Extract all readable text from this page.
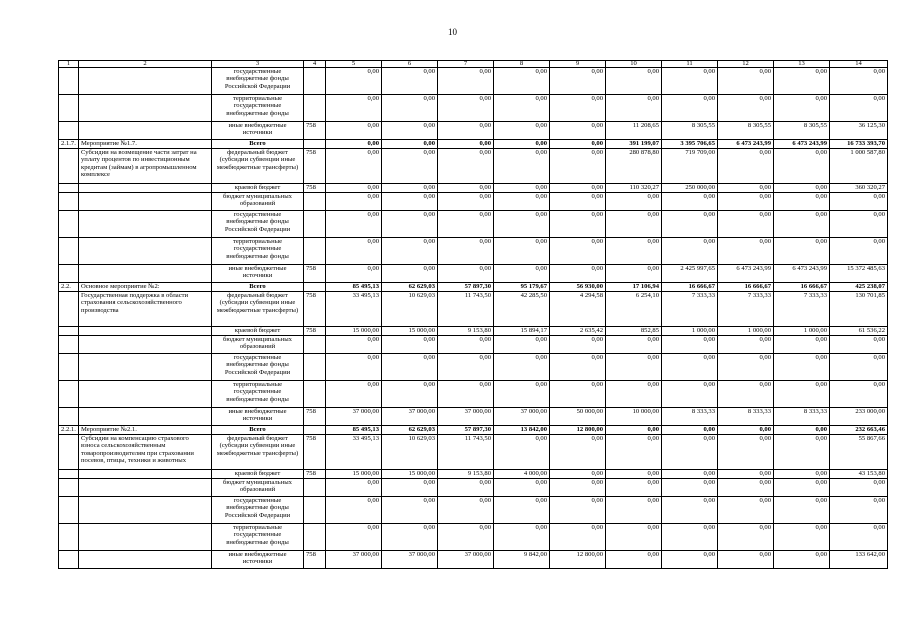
10
1	2	3	4	5	6	7	8	9	10	11	12	13	14
		государственные внебюджетные фонды Российской Федерации		0,00	0,00	0,00	0,00	0,00	0,00	0,00	0,00	0,00	0,00
		территориальные государственные внебюджетные фонды		0,00	0,00	0,00	0,00	0,00	0,00	0,00	0,00	0,00	0,00
		иные внебюджетные источники	758	0,00	0,00	0,00	0,00	0,00	11 208,65	8 305,55	8 305,55	8 305,55	36 125,30
2.1.7.	Мероприятие №1.7.	Всего		0,00	0,00	0,00	0,00	0,00	391 199,07	3 395 706,65	6 473 243,99	6 473 243,99	16 733 393,70
	Субсидии на возмещение части затрат на уплату процентов по инвестиционным кредитам (займам) в агропромышленном комплексе	федеральный бюджет (субсидии субвенции иные межбюджетные трансферты)	758	0,00	0,00	0,00	0,00	0,00	280 878,80	719 709,00	0,00	0,00	1 000 587,80
		краевой бюджет	758	0,00	0,00	0,00	0,00	0,00	110 320,27	250 000,00	0,00	0,00	360 320,27
		бюджет муниципальных образований		0,00	0,00	0,00	0,00	0,00	0,00	0,00	0,00	0,00	0,00
		государственные внебюджетные фонды Российской Федерации		0,00	0,00	0,00	0,00	0,00	0,00	0,00	0,00	0,00	0,00
		территориальные государственные внебюджетные фонды		0,00	0,00	0,00	0,00	0,00	0,00	0,00	0,00	0,00	0,00
		иные внебюджетные источники	758	0,00	0,00	0,00	0,00	0,00	0,00	2 425 997,65	6 473 243,99	6 473 243,99	15 372 485,63
2.2.	Основное мероприятие №2:	Всего		85 495,13	62 629,03	57 897,30	95 179,67	56 930,00	17 106,94	16 666,67	16 666,67	16 666,67	425 238,07
	Государственная поддержка в области страхования сельскохозяйственного производства	федеральный бюджет (субсидии субвенции иные межбюджетные трансферты)	758	33 495,13	10 629,03	11 743,50	42 285,50	4 294,58	6 254,10	7 333,33	7 333,33	7 333,33	130 701,85
		краевой бюджет	758	15 000,00	15 000,00	9 153,80	15 894,17	2 635,42	852,85	1 000,00	1 000,00	1 000,00	61 536,22
		бюджет муниципальных образований		0,00	0,00	0,00	0,00	0,00	0,00	0,00	0,00	0,00	0,00
		государственные внебюджетные фонды Российской Федерации		0,00	0,00	0,00	0,00	0,00	0,00	0,00	0,00	0,00	0,00
		территориальные государственные внебюджетные фонды		0,00	0,00	0,00	0,00	0,00	0,00	0,00	0,00	0,00	0,00
		иные внебюджетные источники	758	37 000,00	37 000,00	37 000,00	37 000,00	50 000,00	10 000,00	8 333,33	8 333,33	8 333,33	233 000,00
2.2.1.	Мероприятие №2.1.	Всего		85 495,13	62 629,03	57 897,30	13 842,00	12 800,00	0,00	0,00	0,00	0,00	232 663,46
	Субсидии на компенсацию страхового взноса сельскохозяйственным товаропроизводителям при страховании посевов, птицы, техники и животных	федеральный бюджет (субсидии субвенции иные межбюджетные трансферты)	758	33 495,13	10 629,03	11 743,50	0,00	0,00	0,00	0,00	0,00	0,00	55 867,66
		краевой бюджет	758	15 000,00	15 000,00	9 153,80	4 000,00	0,00	0,00	0,00	0,00	0,00	43 153,80
		бюджет муниципальных образований		0,00	0,00	0,00	0,00	0,00	0,00	0,00	0,00	0,00	0,00
		государственные внебюджетные фонды Российской Федерации		0,00	0,00	0,00	0,00	0,00	0,00	0,00	0,00	0,00	0,00
		территориальные государственные внебюджетные фонды		0,00	0,00	0,00	0,00	0,00	0,00	0,00	0,00	0,00	0,00
		иные внебюджетные источники	758	37 000,00	37 000,00	37 000,00	9 842,00	12 800,00	0,00	0,00	0,00	0,00	133 642,00
